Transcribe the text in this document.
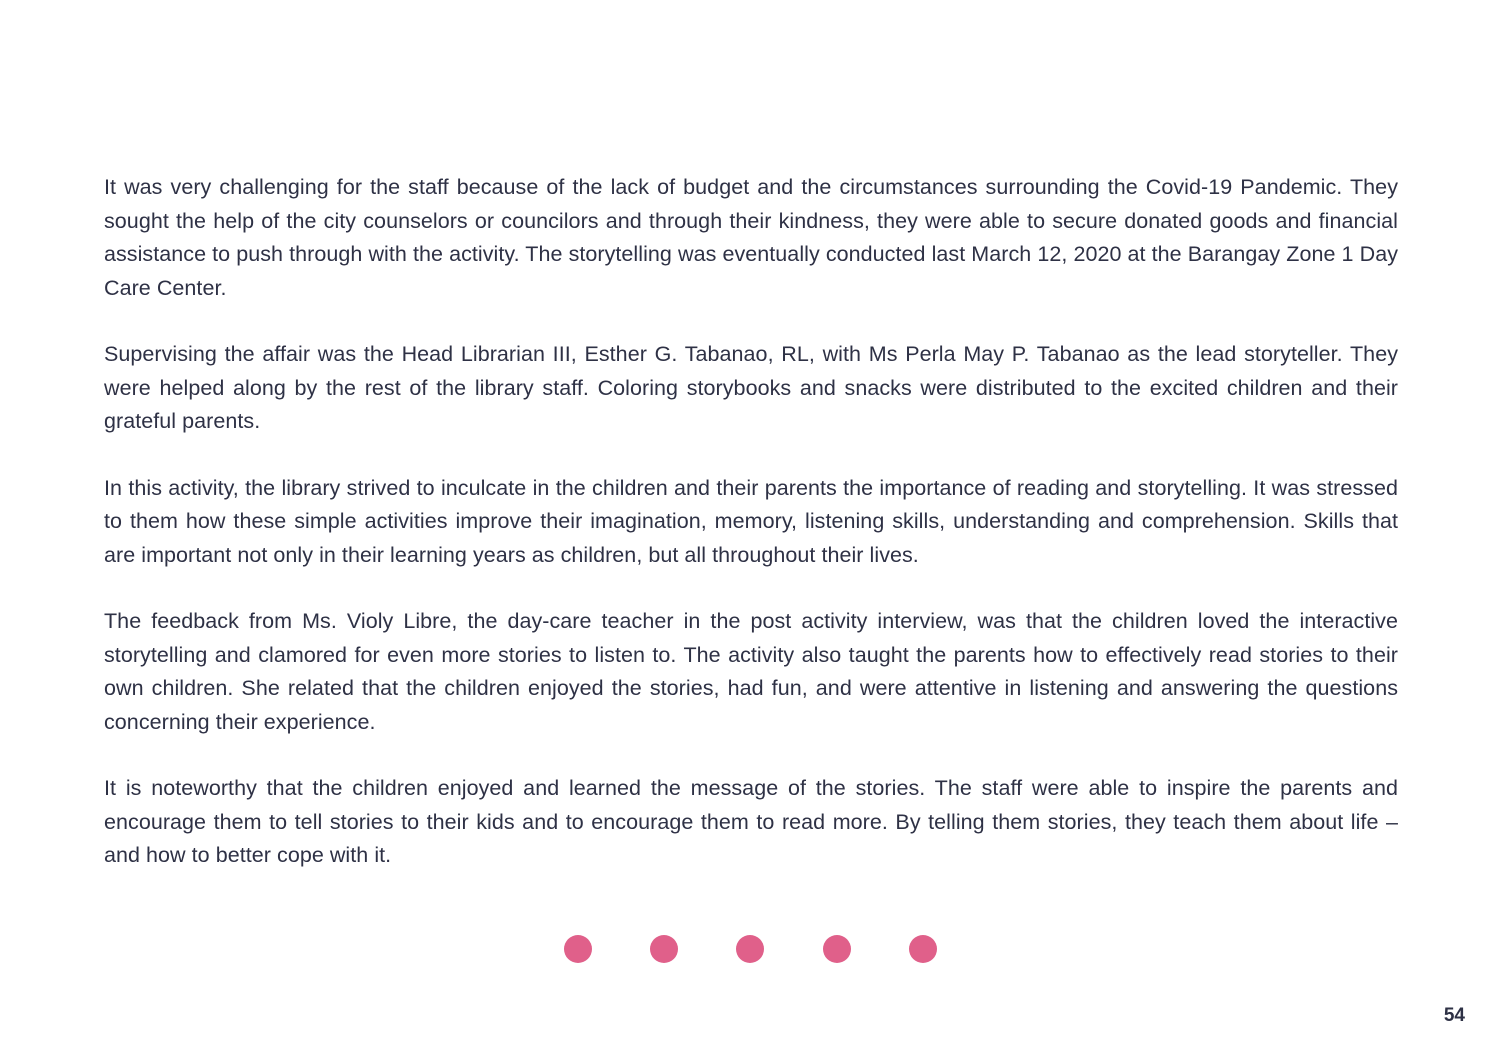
It was very challenging for the staff because of the lack of budget and the circumstances surrounding the Covid-19 Pandemic. They sought the help of the city counselors or councilors and through their kindness, they were able to secure donated goods and financial assistance to push through with the activity. The storytelling was eventually conducted last March 12, 2020 at the Barangay Zone 1 Day Care Center.

Supervising the affair was the Head Librarian III, Esther G. Tabanao, RL, with Ms Perla May P. Tabanao as the lead storyteller. They were helped along by the rest of the library staff. Coloring storybooks and snacks were distributed to the excited children and their grateful parents.

In this activity, the library strived to inculcate in the children and their parents the importance of reading and storytelling. It was stressed to them how these simple activities improve their imagination, memory, listening skills, understanding and comprehension. Skills that are important not only in their learning years as children, but all throughout their lives.

The feedback from Ms. Violy Libre, the day-care teacher in the post activity interview, was that the children loved the interactive storytelling and clamored for even more stories to listen to. The activity also taught the parents how to effectively read stories to their own children. She related that the children enjoyed the stories, had fun, and were attentive in listening and answering the questions concerning their experience.

It is noteworthy that the children enjoyed and learned the message of the stories. The staff were able to inspire the parents and encourage them to tell stories to their kids and to encourage them to read more. By telling them stories, they teach them about life – and how to better cope with it.

54
